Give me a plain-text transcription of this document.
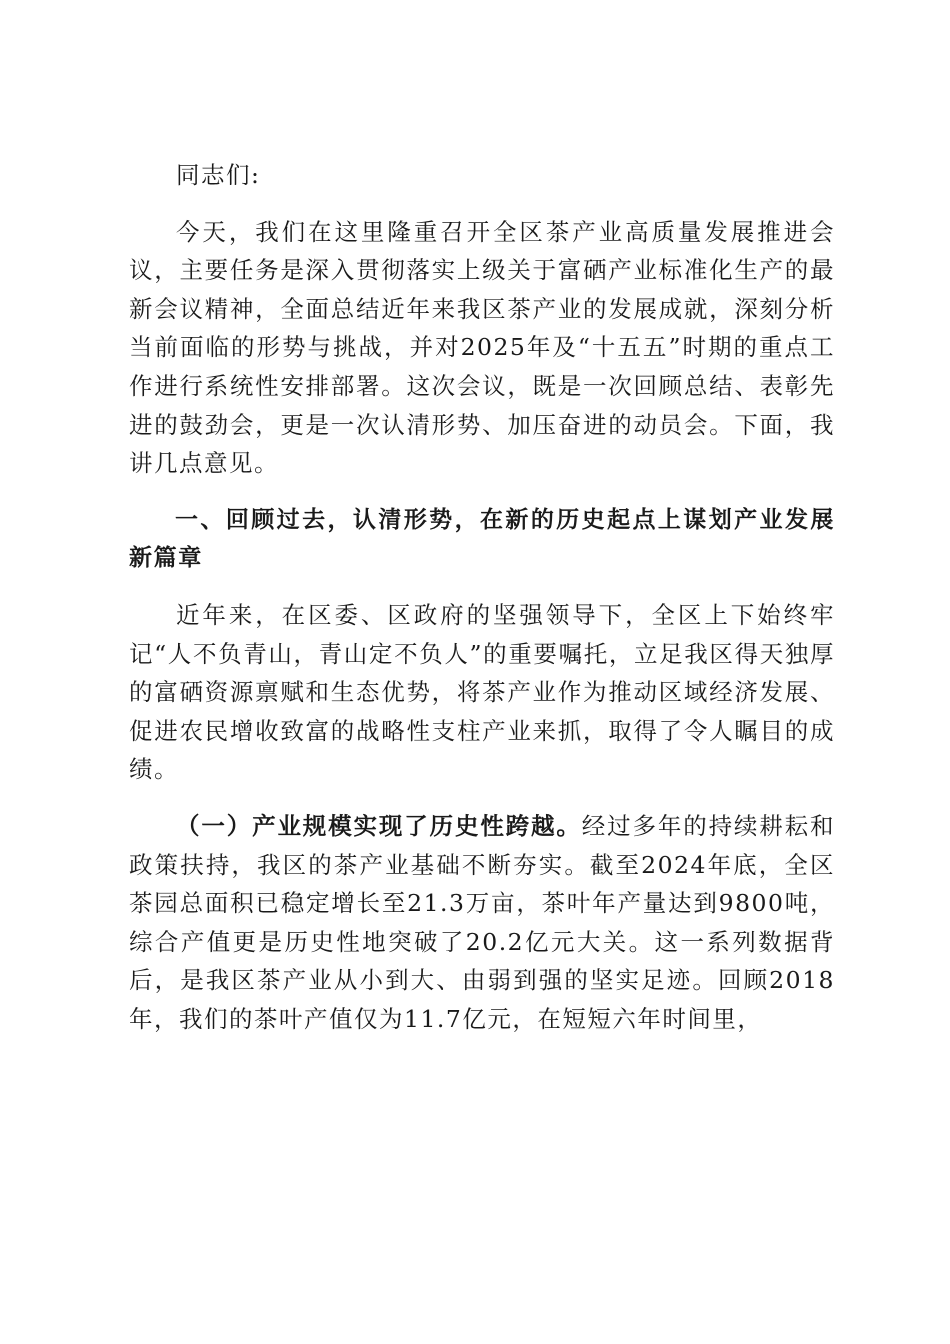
同志们:

今天，我们在这里隆重召开全区茶产业高质量发展推进会议，主要任务是深入贯彻落实上级关于富硒产业标准化生产的最新会议精神，全面总结近年来我区茶产业的发展成就，深刻分析当前面临的形势与挑战，并对2025年及“十五五”时期的重点工作进行系统性安排部署。这次会议，既是一次回顾总结、表彰先进的鼓劲会，更是一次认清形势、加压奋进的动员会。下面，我讲几点意见。

一、回顾过去，认清形势，在新的历史起点上谋划产业发展新篇章

近年来，在区委、区政府的坚强领导下，全区上下始终牢记“人不负青山，青山定不负人”的重要嘱托，立足我区得天独厚的富硒资源禀赋和生态优势，将茶产业作为推动区域经济发展、促进农民增收致富的战略性支柱产业来抓，取得了令人瞩目的成绩。

（一）产业规模实现了历史性跨越。经过多年的持续耕耘和政策扶持，我区的茶产业基础不断夯实。截至2024年底，全区茶园总面积已稳定增长至21.3万亩，茶叶年产量达到9800吨，综合产值更是历史性地突破了20.2亿元大关。这一系列数据背后，是我区茶产业从小到大、由弱到强的坚实足迹。回顾2018年，我们的茶叶产值仅为11.7亿元，在短短六年时间里，
